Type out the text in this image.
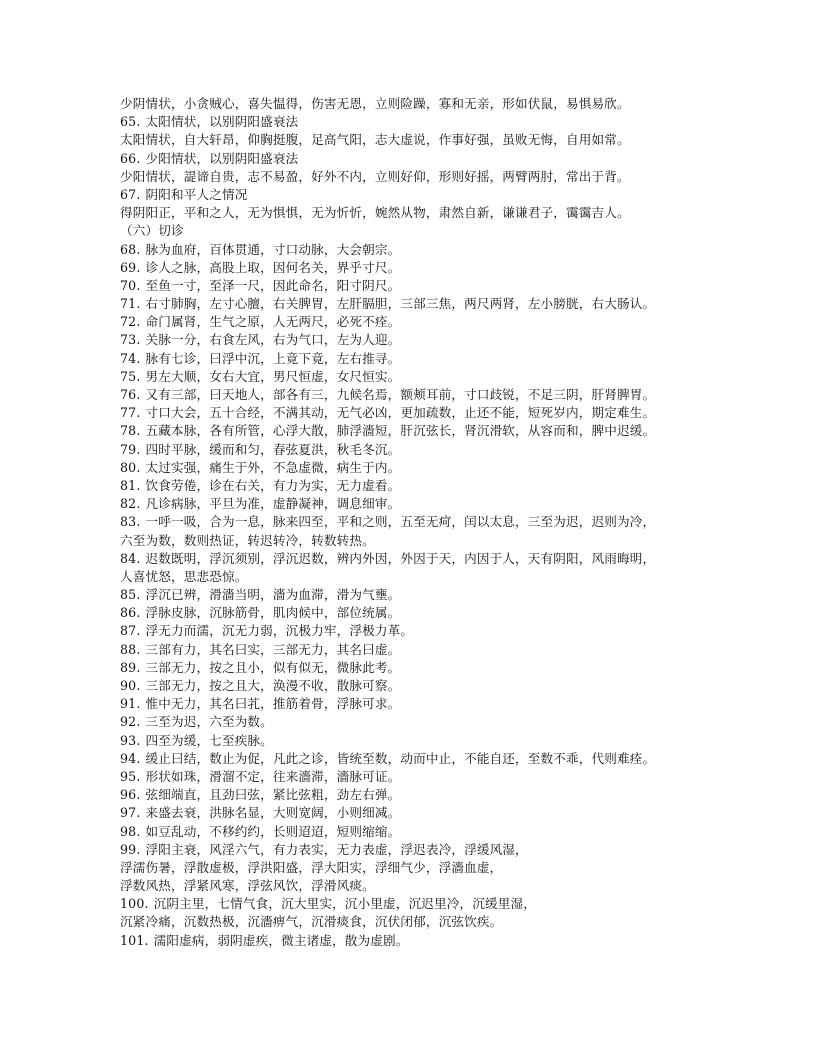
少阴情状，小贪贼心，喜失愠得，伤害无恩，立则险躁，寡和无亲，形如伏鼠，易惧易欣。
65. 太阳情状，以别阴阳盛衰法
太阳情状，自大轩昂，仰胸挺腹，足高气阳，志大虚说，作事好强，虽败无悔，自用如常。
66. 少阳情状，以别阴阳盛衰法
少阳情状，諟谛自贵，志不易盈，好外不内，立则好仰，形则好摇，两臂两肘，常出于背。
67. 阴阳和平人之情况
得阴阳正，平和之人，无为惧惧，无为忻忻，婉然从物，肃然自新，谦谦君子，霭霭吉人。
（六）切诊
68. 脉为血府，百体贯通，寸口动脉，大会朝宗。
69. 诊人之脉，高股上取，因何名关，界乎寸尺。
70. 至鱼一寸，至泽一尺，因此命名，阳寸阴尺。
71. 右寸肺胸，左寸心膻，右关脾胃，左肝膈胆，三部三焦，两尺两肾，左小膀胱，右大肠认。
72. 命门属肾，生气之原，人无两尺，必死不痊。
73. 关脉一分，右食左风，右为气口，左为人迎。
74. 脉有七诊，曰浮中沉，上竟下竟，左右推寻。
75. 男左大顺，女右大宜，男尺恒虚，女尺恒实。
76. 又有三部，曰天地人，部各有三，九候名焉，额颊耳前，寸口歧锐，不足三阴，肝肾脾胃。
77. 寸口大会，五十合经，不满其动，无气必凶，更加疏数，止还不能，短死岁内，期定难生。
78. 五藏本脉，各有所管，心浮大散，肺浮濇短，肝沉弦长，肾沉滑软，从容而和，脾中迟缓。
79. 四时平脉，缓而和匀，春弦夏洪，秋毛冬沉。
80. 太过实强，痛生于外，不急虚微，病生于内。
81. 饮食劳倦，诊在右关，有力为实，无力虚看。
82. 凡诊病脉，平旦为准，虚静凝神，调息细审。
83. 一呼一吸，合为一息，脉来四至，平和之则，五至无疴，闰以太息，三至为迟，迟则为冷，
六至为数，数则热证，转迟转冷，转数转热。
84. 迟数既明，浮沉须别，浮沉迟数，辨内外因，外因于天，内因于人，天有阴阳，风雨晦明，
人喜忧怒，思悲恐惊。
85. 浮沉已辨，滑濇当明，濇为血滞，滑为气壅。
86. 浮脉皮脉，沉脉筋骨，肌肉候中，部位统属。
87. 浮无力而濡，沉无力弱，沉极力牢，浮极力革。
88. 三部有力，其名曰实，三部无力，其名曰虚。
89. 三部无力，按之且小，似有似无，微脉此考。
90. 三部无力，按之且大，涣漫不收，散脉可察。
91. 惟中无力，其名曰芤，推筋着骨，浮脉可求。
92. 三至为迟，六至为数。
93. 四至为缓，七至疾脉。
94. 缓止曰结，数止为促，凡此之诊，皆统至数，动而中止，不能自还，至数不乖，代则难痊。
95. 形状如珠，滑溜不定，往来濇滞，濇脉可证。
96. 弦细端直，且劲曰弦，紧比弦粗，劲左右弹。
97. 来盛去衰，洪脉名显，大则宽阔，小则细减。
98. 如豆乱动，不移约约，长则迢迢，短则缩缩。
99. 浮阳主衰，风淫六气，有力表实，无力表虚，浮迟表冷，浮缓风湿，
浮濡伤暑，浮散虚极，浮洪阳盛，浮大阳实，浮细气少，浮濇血虚，
浮数风热，浮紧风寒，浮弦风饮，浮滑风痰。
100. 沉阴主里，七情气食，沉大里实，沉小里虚，沉迟里冷，沉缓里湿，
沉紧冷痛，沉数热极，沉濇痹气，沉滑痰食，沉伏闭郁，沉弦饮疾。
101. 濡阳虚病，弱阴虚疾，微主诸虚，散为虚剧。
